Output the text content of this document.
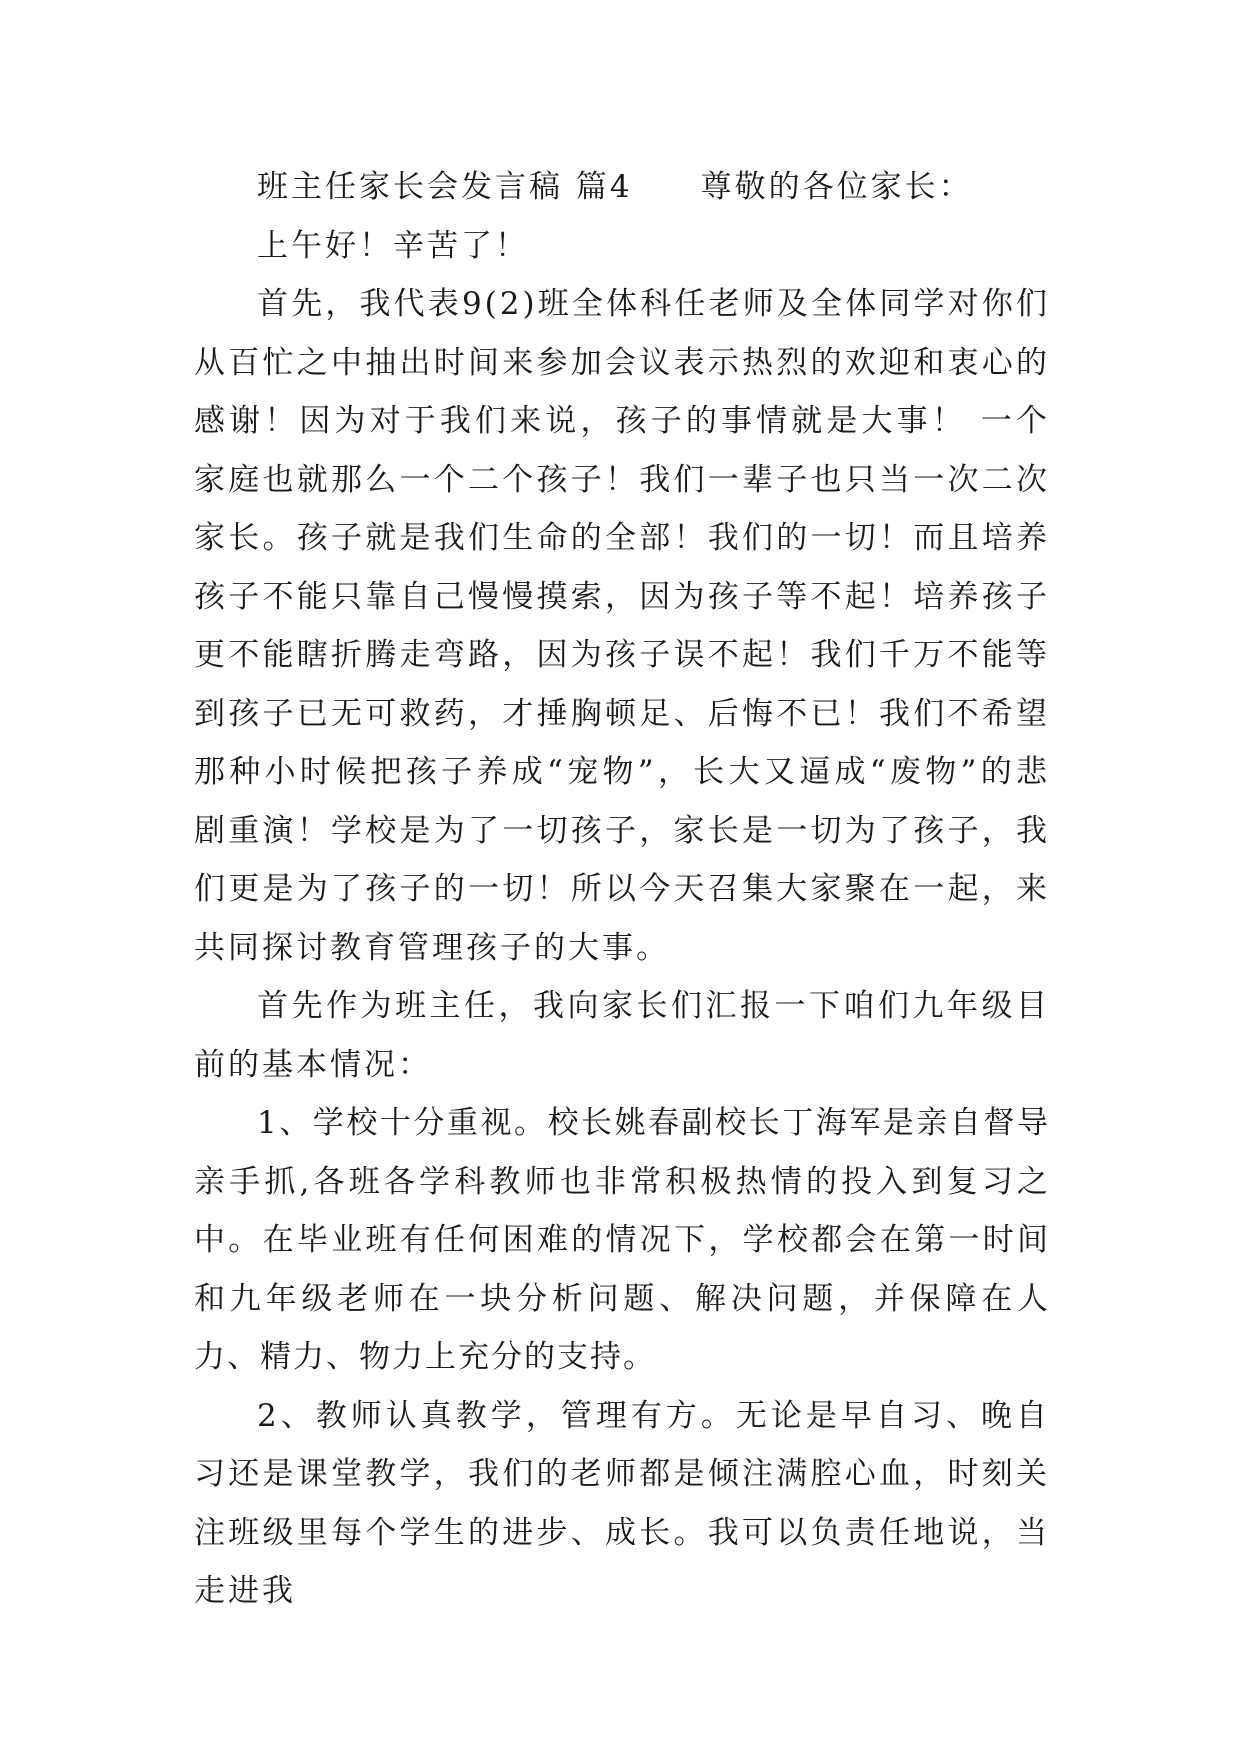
班主任家长会发言稿 篇4　　尊敬的各位家长：

上午好！辛苦了！

首先，我代表9(2)班全体科任老师及全体同学对你们从百忙之中抽出时间来参加会议表示热烈的欢迎和衷心的感谢！因为对于我们来说，孩子的事情就是大事！ 一个家庭也就那么一个二个孩子！我们一辈子也只当一次二次家长。孩子就是我们生命的全部！我们的一切！而且培养孩子不能只靠自己慢慢摸索，因为孩子等不起！培养孩子更不能瞎折腾走弯路，因为孩子误不起！我们千万不能等到孩子已无可救药，才捶胸顿足、后悔不已！我们不希望那种小时候把孩子养成“宠物”，长大又逼成“废物”的悲剧重演！学校是为了一切孩子，家长是一切为了孩子，我们更是为了孩子的一切！所以今天召集大家聚在一起，来共同探讨教育管理孩子的大事。

首先作为班主任，我向家长们汇报一下咱们九年级目前的基本情况：

1、学校十分重视。校长姚春副校长丁海军是亲自督导亲手抓,各班各学科教师也非常积极热情的投入到复习之中。在毕业班有任何困难的情况下，学校都会在第一时间和九年级老师在一块分析问题、解决问题，并保障在人力、精力、物力上充分的支持。

2、教师认真教学，管理有方。无论是早自习、晚自习还是课堂教学，我们的老师都是倾注满腔心血，时刻关注班级里每个学生的进步、成长。我可以负责任地说，当走进我
